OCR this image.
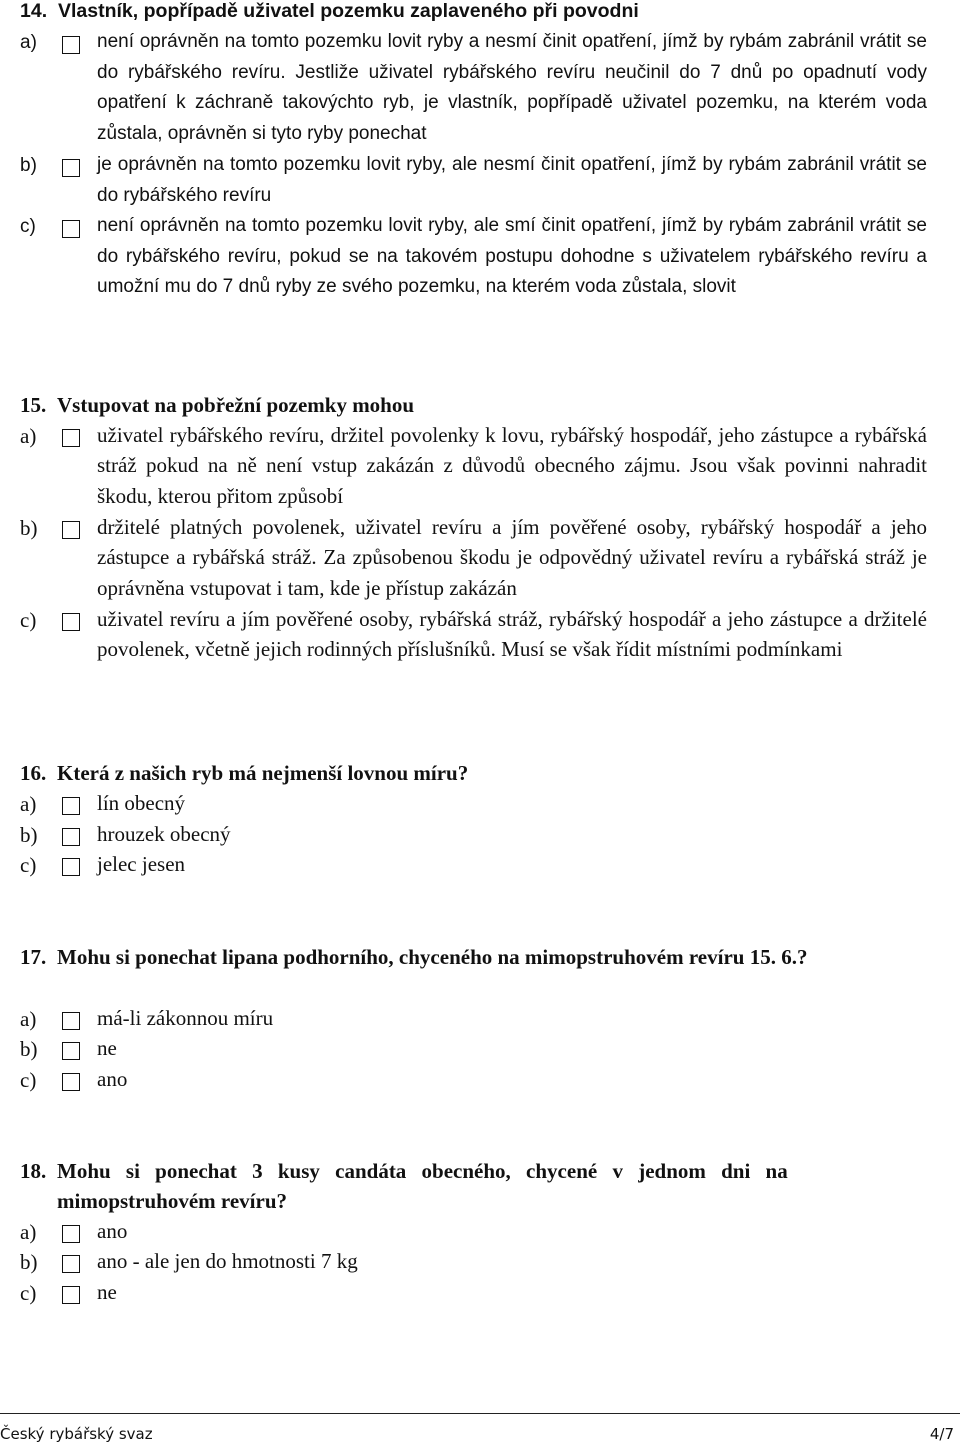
14. Vlastník, popřípadě uživatel pozemku zaplaveného při povodni
a)	není oprávněn na tomto pozemku lovit ryby a nesmí činit opatření, jímž by rybám zabránil vrátit se do rybářského revíru. Jestliže uživatel rybářského revíru neučinil do 7 dnů po opadnutí vody opatření k záchraně takovýchto ryb, je vlastník, popřípadě uživatel pozemku, na kterém voda zůstala, oprávněn si tyto ryby ponechat
b)	je oprávněn na tomto pozemku lovit ryby, ale nesmí činit opatření, jímž by rybám zabránil vrátit se do rybářského revíru
c)	není oprávněn na tomto pozemku lovit ryby, ale smí činit opatření, jímž by rybám zabránil vrátit se do rybářského revíru, pokud se na takovém postupu dohodne s uživatelem rybářského revíru a umožní mu do 7 dnů ryby ze svého pozemku, na kterém voda zůstala, slovit
15. Vstupovat na pobřežní pozemky mohou
a)	uživatel rybářského revíru, držitel povolenky k lovu, rybářský hospodář, jeho zástupce a rybářská stráž pokud na ně není vstup zakázán z důvodů obecného zájmu. Jsou však povinni nahradit škodu, kterou přitom způsobí
b)	držitelé platných povolenek, uživatel revíru a jím pověřené osoby, rybářský hospodář a jeho zástupce a rybářská stráž. Za způsobenou škodu je odpovědný uživatel revíru a rybářská stráž je oprávněna vstupovat i tam, kde je přístup zakázán
c)	uživatel revíru a jím pověřené osoby, rybářská stráž, rybářský hospodář a jeho zástupce a držitelé povolenek, včetně jejich rodinných příslušníků. Musí se však řídit místními podmínkami
16. Která z našich ryb má nejmenší lovnou míru?
a)	lín obecný
b)	hrouzek obecný
c)	jelec jesen
17. Mohu si ponechat lipana podhorního, chyceného na mimopstruhovém revíru 15. 6.?
a)	má-li zákonnou míru
b)	ne
c)	ano
18. Mohu si ponechat 3 kusy candáta obecného, chycené v jednom dni na
mimopstruhovém revíru?
a)	ano
b)	ano - ale jen do hmotnosti 7 kg
c)	ne
Český rybářský svaz	4/7
